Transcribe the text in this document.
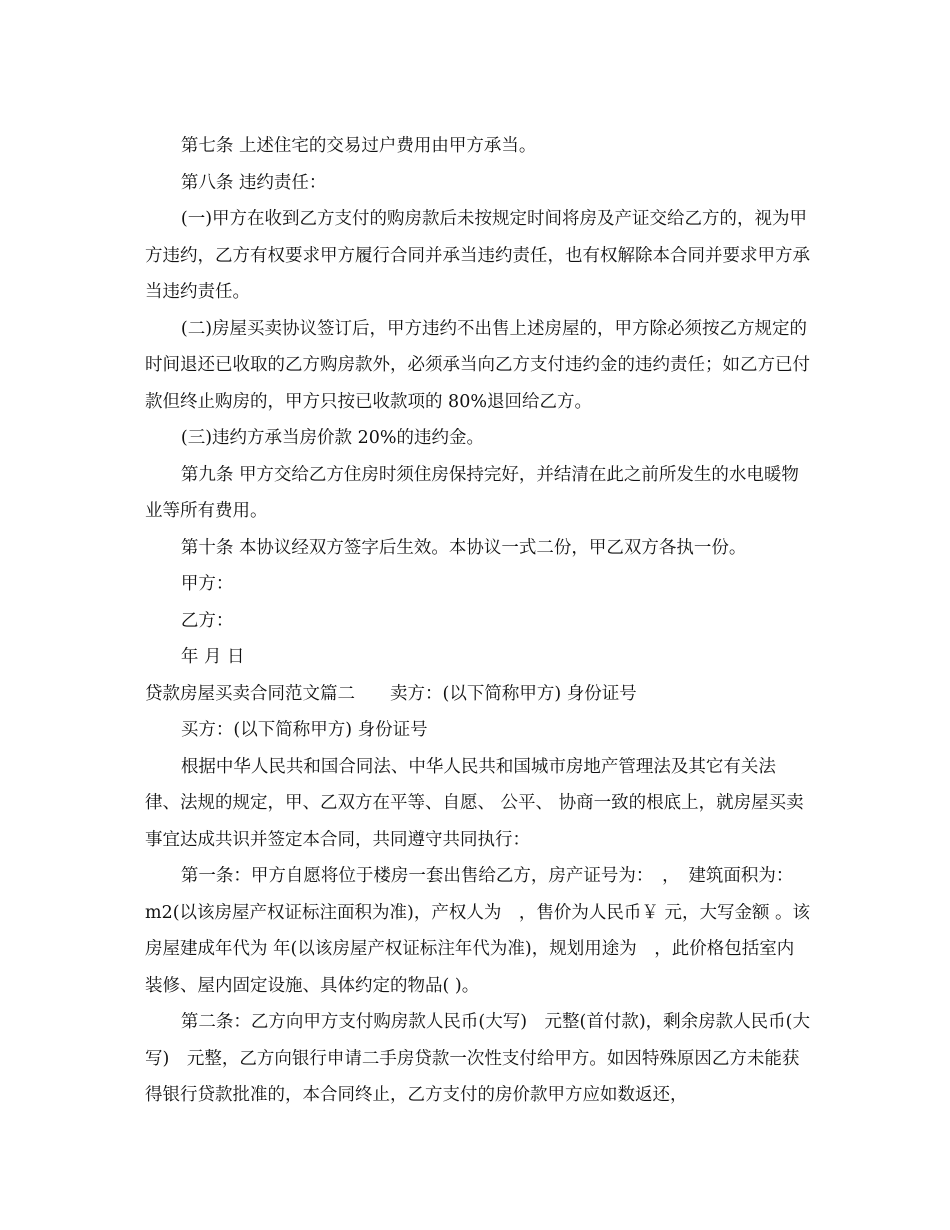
第七条 上述住宅的交易过户费用由甲方承当。

第八条 违约责任：

(一)甲方在收到乙方支付的购房款后未按规定时间将房及产证交给乙方的，视为甲方违约，乙方有权要求甲方履行合同并承当违约责任，也有权解除本合同并要求甲方承当违约责任。

(二)房屋买卖协议签订后，甲方违约不出售上述房屋的，甲方除必须按乙方规定的时间退还已收取的乙方购房款外，必须承当向乙方支付违约金的违约责任；如乙方已付款但终止购房的，甲方只按已收款项的 80%退回给乙方。

(三)违约方承当房价款 20%的违约金。

第九条 甲方交给乙方住房时须住房保持完好，并结清在此之前所发生的水电暖物业等所有费用。

第十条 本协议经双方签字后生效。本协议一式二份，甲乙双方各执一份。

甲方：

乙方：

年 月 日

贷款房屋买卖合同范文篇二　　卖方：(以下简称甲方) 身份证号

买方：(以下简称甲方) 身份证号

根据中华人民共和国合同法、中华人民共和国城市房地产管理法及其它有关法律、法规的规定，甲、乙双方在平等、自愿、 公平、 协商一致的根底上，就房屋买卖事宜达成共识并签定本合同，共同遵守共同执行：

第一条：甲方自愿将位于楼房一套出售给乙方，房产证号为：　，　建筑面积为：　m2(以该房屋产权证标注面积为准)，产权人为　，售价为人民币￥ 元，大写金额 。该房屋建成年代为 年(以该房屋产权证标注年代为准)，规划用途为　，此价格包括室内装修、屋内固定设施、具体约定的物品( )。

第二条：乙方向甲方支付购房款人民币(大写)　元整(首付款)，剩余房款人民币(大写)　元整，乙方向银行申请二手房贷款一次性支付给甲方。如因特殊原因乙方未能获得银行贷款批准的，本合同终止，乙方支付的房价款甲方应如数返还，
